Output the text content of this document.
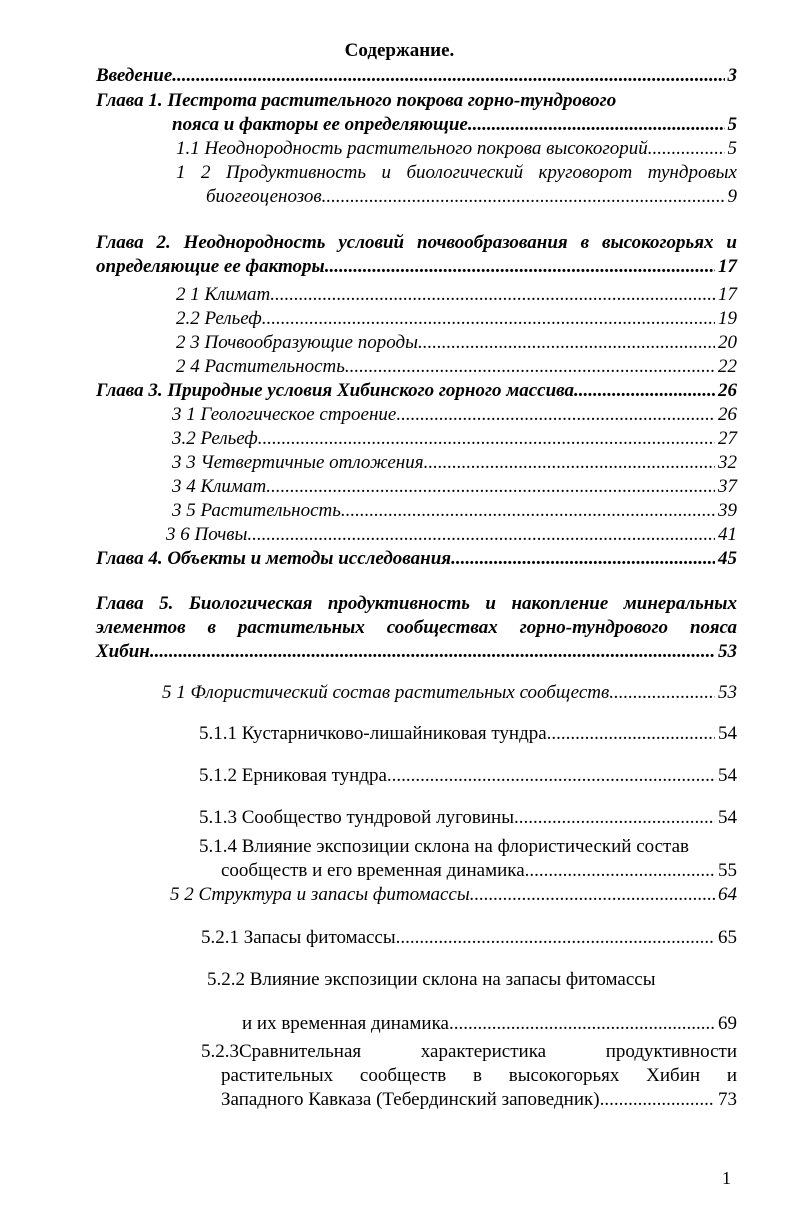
Содержание.
Введение .....	3
Глава 1. Пестрота растительного покрова горно-тундрового
пояса и факторы ее определяющие .....	5
1.1 Неоднородность растительного покрова высокогорий .....	5
1 2 Продуктивность и биологический круговорот тундровых
биогеоценозов .....	9
Глава 2. Неоднородность условий почвообразования в высокогорьях и
определяющие ее факторы .....	17
2 1 Климат .....	17
2.2 Рельеф .....	19
2 3 Почвообразующие породы .....	20
2 4 Растительность .....	22
Глава 3. Природные условия Хибинского горного массива .....	26
3 1 Геологическое строение .....	26
3.2 Рельеф .....	27
3 3 Четвертичные отложения .....	32
3 4 Климат .....	37
3 5 Растительность .....	39
3 6 Почвы .....	41
Глава 4. Объекты и методы исследования .....	45
Глава 5. Биологическая продуктивность и накопление минеральных
элементов в растительных сообществах горно-тундрового пояса
Хибин .....	53
5 1 Флористический состав растительных сообществ .....	53
5.1.1 Кустарничково-лишайниковая тундра .....	54
5.1.2 Ерниковая тундра .....	54
5.1.3 Сообщество тундровой луговины .....	54
5.1.4 Влияние экспозиции склона на флористический состав
сообществ и его временная динамика .....	55
5 2 Структура и запасы фитомассы .....	64
5.2.1 Запасы фитомассы .....	65
5.2.2 Влияние экспозиции склона на запасы фитомассы
и их временная динамика .....	69
5.2.3Сравнительная характеристика продуктивности
растительных сообществ в высокогорьях Хибин и
Западного Кавказа (Тебердинский заповедник) .....	73
1
